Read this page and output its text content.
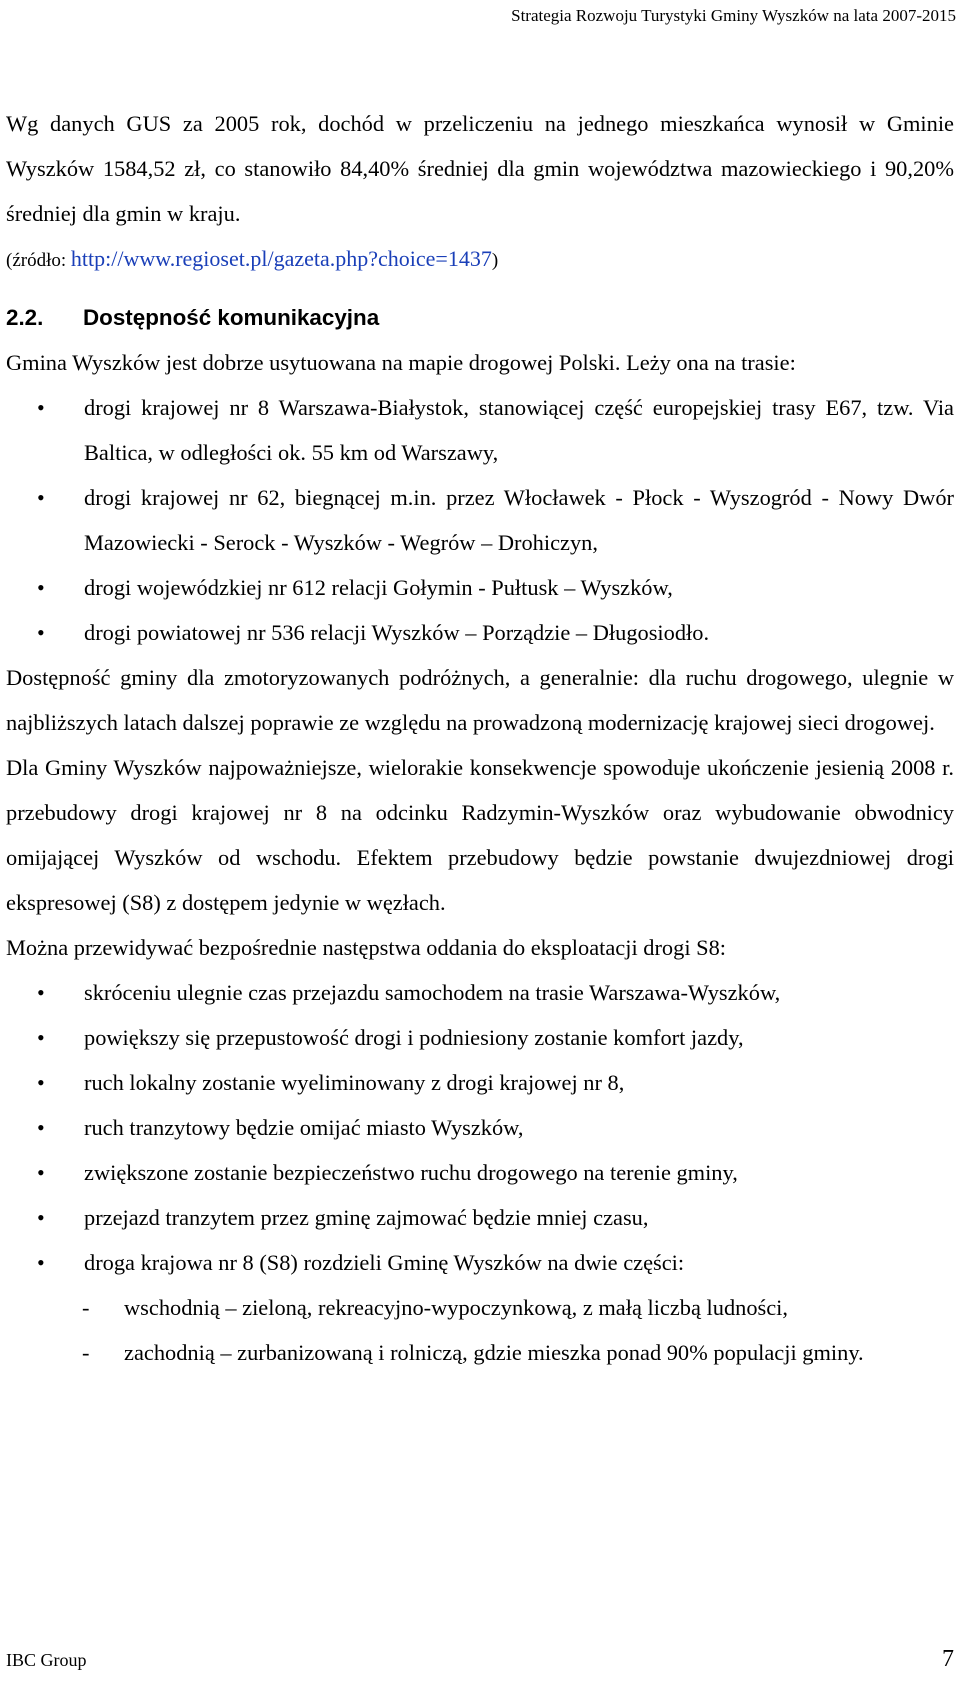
Strategia Rozwoju Turystyki Gminy Wyszków na lata 2007-2015

Wg danych GUS za 2005 rok, dochód w przeliczeniu na jednego mieszkańca wynosił w Gminie Wyszków 1584,52 zł, co stanowiło 84,40% średniej dla gmin województwa mazowieckiego i 90,20% średniej dla gmin w kraju.

(źródło: http://www.regioset.pl/gazeta.php?choice=1437)

2.2. Dostępność komunikacyjna

Gmina Wyszków jest dobrze usytuowana na mapie drogowej Polski. Leży ona na trasie:

• drogi krajowej nr 8 Warszawa-Białystok, stanowiącej część europejskiej trasy E67, tzw. Via Baltica, w odległości ok. 55 km od Warszawy,
• drogi krajowej nr 62, biegnącej m.in. przez Włocławek - Płock - Wyszogród - Nowy Dwór Mazowiecki - Serock - Wyszków - Wegrów – Drohiczyn,
• drogi wojewódzkiej nr 612 relacji Gołymin - Pułtusk – Wyszków,
• drogi powiatowej nr 536 relacji Wyszków – Porządzie – Długosiodło.

Dostępność gminy dla zmotoryzowanych podróżnych, a generalnie: dla ruchu drogowego, ulegnie w najbliższych latach dalszej poprawie ze względu na prowadzoną modernizację krajowej sieci drogowej.

Dla Gminy Wyszków najpoważniejsze, wielorakie konsekwencje spowoduje ukończenie jesienią 2008 r. przebudowy drogi krajowej nr 8 na odcinku Radzymin-Wyszków oraz wybudowanie obwodnicy omijającej Wyszków od wschodu. Efektem przebudowy będzie powstanie dwujezdniowej drogi ekspresowej (S8) z dostępem jedynie w węzłach.

Można przewidywać bezpośrednie następstwa oddania do eksploatacji drogi S8:

• skróceniu ulegnie czas przejazdu samochodem na trasie Warszawa-Wyszków,
• powiększy się przepustowość drogi i podniesiony zostanie komfort jazdy,
• ruch lokalny zostanie wyeliminowany z drogi krajowej nr 8,
• ruch tranzytowy będzie omijać miasto Wyszków,
• zwiększone zostanie bezpieczeństwo ruchu drogowego na terenie gminy,
• przejazd tranzytem przez gminę zajmować będzie mniej czasu,
• droga krajowa nr 8 (S8) rozdzieli Gminę Wyszków na dwie części:
- wschodnią – zieloną, rekreacyjno-wypoczynkową, z małą liczbą ludności,
- zachodnią – zurbanizowaną i rolniczą, gdzie mieszka ponad 90% populacji gminy.
IBC Group	7
